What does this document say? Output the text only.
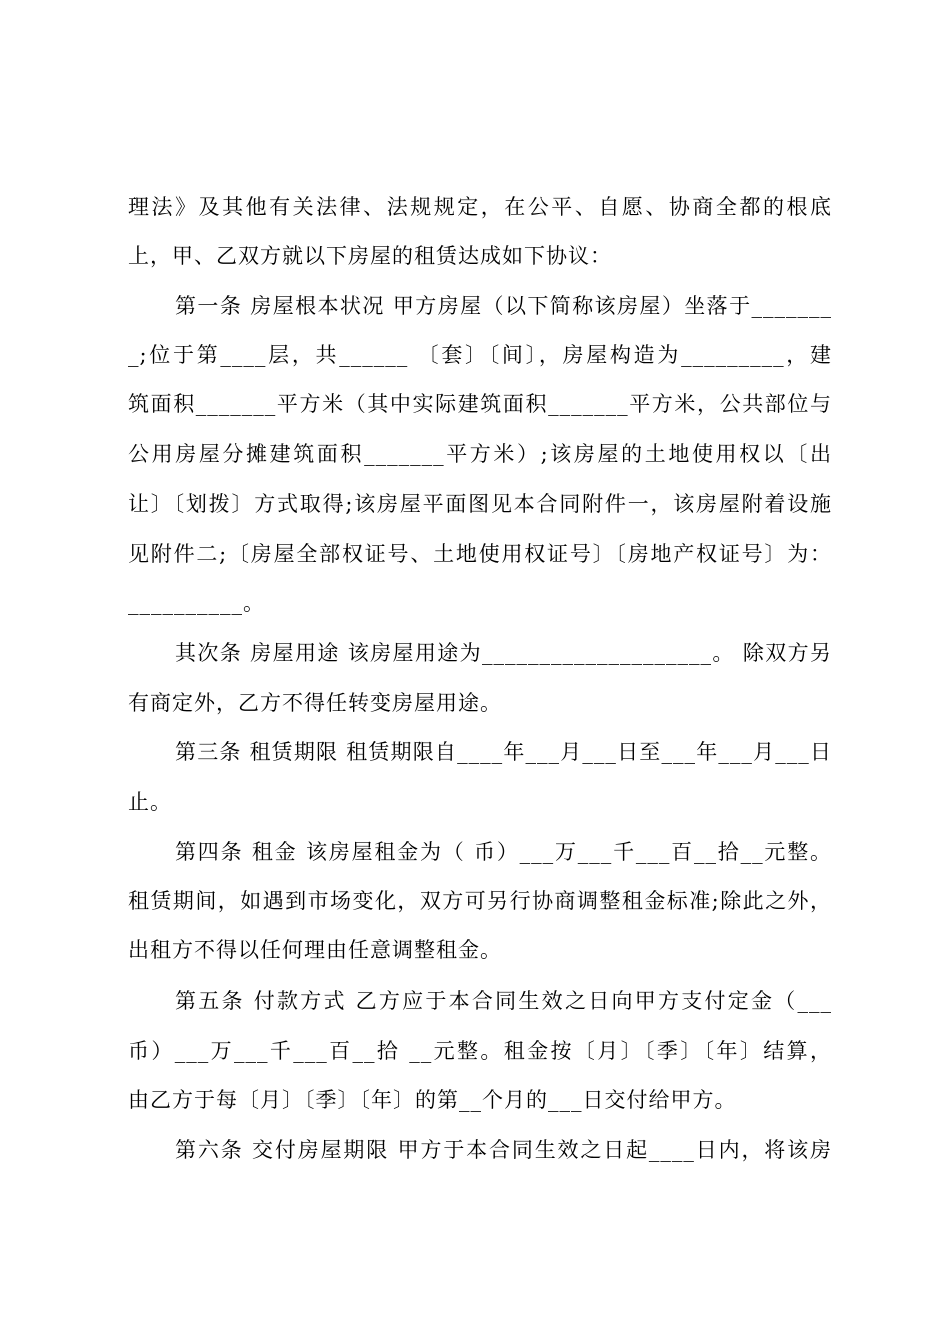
理法》及其他有关法律、法规规定，在公平、自愿、协商全都的根底
上，甲、乙双方就以下房屋的租赁达成如下协议：
第一条 房屋根本状况 甲方房屋（以下简称该房屋）坐落于_______
_;位于第____层，共______ 〔套〕〔间〕，房屋构造为_________，建
筑面积_______平方米（其中实际建筑面积_______平方米，公共部位与
公用房屋分摊建筑面积_______平方米）;该房屋的土地使用权以〔出
让〕〔划拨〕方式取得;该房屋平面图见本合同附件一，该房屋附着设施
见附件二;〔房屋全部权证号、土地使用权证号〕〔房地产权证号〕为：
__________。
其次条 房屋用途 该房屋用途为____________________。 除双方另
有商定外，乙方不得任转变房屋用途。
第三条 租赁期限 租赁期限自____年___月___日至___年___月___日
止。
第四条 租金 该房屋租金为（ 币）___万___千___百__拾__元整。
租赁期间，如遇到市场变化，双方可另行协商调整租金标准;除此之外，
出租方不得以任何理由任意调整租金。
第五条 付款方式 乙方应于本合同生效之日向甲方支付定金（___
币）___万___千___百__拾 __元整。租金按〔月〕〔季〕〔年〕结算，
由乙方于每〔月〕〔季〕〔年〕的第__个月的___日交付给甲方。
第六条 交付房屋期限 甲方于本合同生效之日起____日内，将该房
